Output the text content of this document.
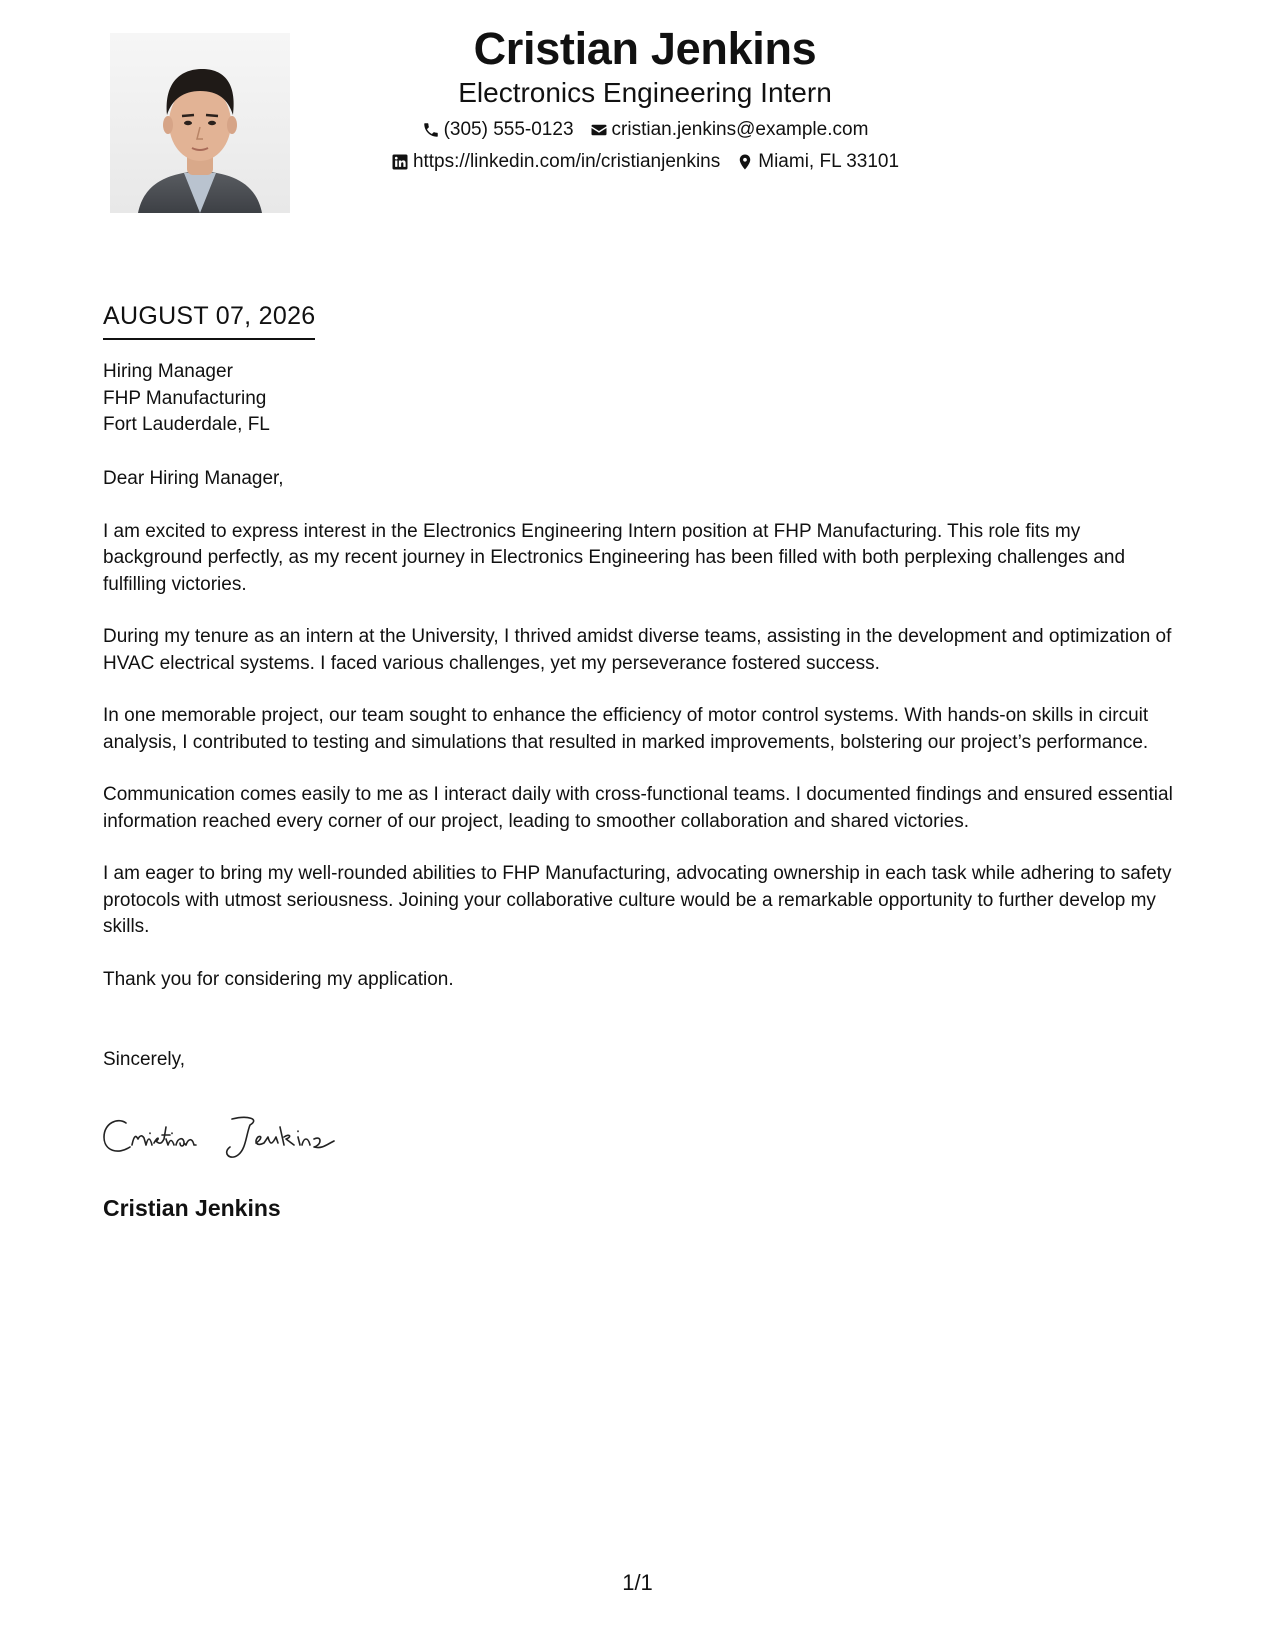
Cristian Jenkins
Electronics Engineering Intern
(305) 555-0123 cristian.jenkins@example.com
https://linkedin.com/in/cristianjenkins Miami, FL 33101
AUGUST 07, 2026
Hiring Manager
FHP Manufacturing
Fort Lauderdale, FL

Dear Hiring Manager,

I am excited to express interest in the Electronics Engineering Intern position at FHP Manufacturing. This role fits my background perfectly, as my recent journey in Electronics Engineering has been filled with both perplexing challenges and fulfilling victories.

During my tenure as an intern at the University, I thrived amidst diverse teams, assisting in the development and optimization of HVAC electrical systems. I faced various challenges, yet my perseverance fostered success.

In one memorable project, our team sought to enhance the efficiency of motor control systems. With hands-on skills in circuit analysis, I contributed to testing and simulations that resulted in marked improvements, bolstering our project’s performance.

Communication comes easily to me as I interact daily with cross-functional teams. I documented findings and ensured essential information reached every corner of our project, leading to smoother collaboration and shared victories.

I am eager to bring my well-rounded abilities to FHP Manufacturing, advocating ownership in each task while adhering to safety protocols with utmost seriousness. Joining your collaborative culture would be a remarkable opportunity to further develop my skills.

Thank you for considering my application.

Sincerely,
Cristian Jenkins
1/1
